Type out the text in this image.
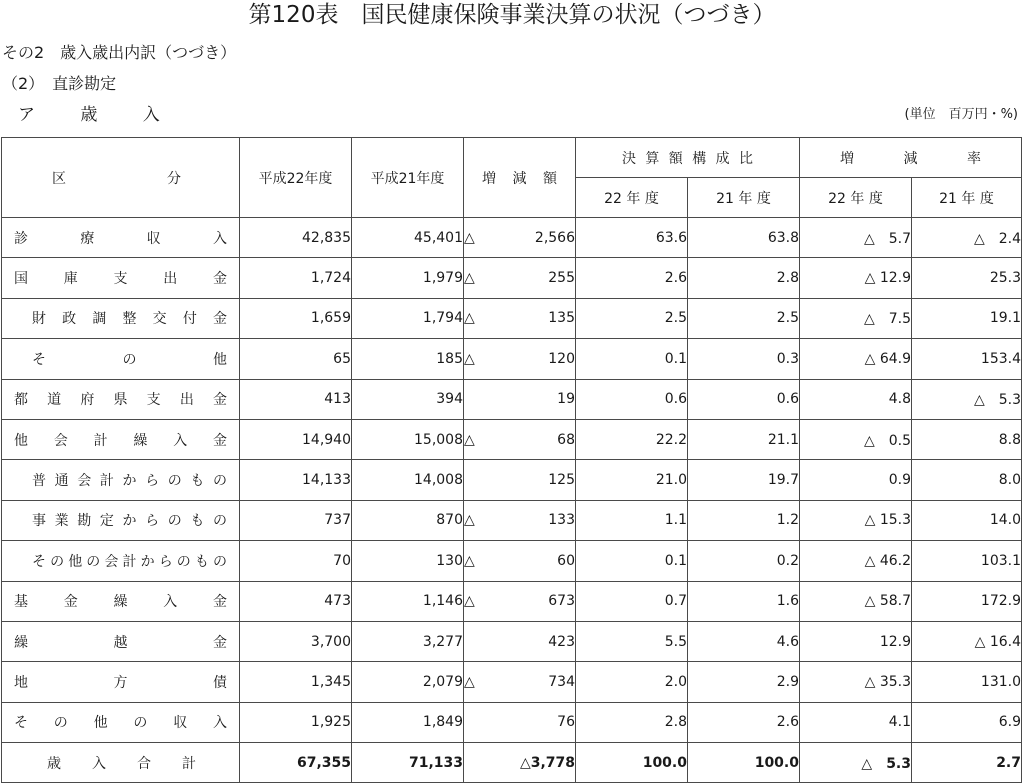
第120表　国民健康保険事業決算の状況（つづき）
その2　歳入歳出内訳（つづき）
（2）　直診勘定
ア 歳 入	(単位　百万円・%)
区　　分	平成22年度	平成21年度	増 減 額	決算額構成比		増　　減　　率	

				22 年 度	21 年 度	22 年 度	21 年 度

診療収入	42,835	45,401	△ 2,566	63.6	63.8	△　5.7	△　2.4

国庫支出金	1,724	1,979	△ 255	2.6	2.8	△ 12.9	25.3

財政調整交付金	1,659	1,794	△ 135	2.5	2.5	△　7.5	19.1

その他	65	185	△ 120	0.1	0.3	△ 64.9	153.4

都道府県支出金	413	394	19	0.6	0.6	4.8	△　5.3

他会計繰入金	14,940	15,008	△ 68	22.2	21.1	△　0.5	8.8

普通会計からのもの	14,133	14,008	125	21.0	19.7	0.9	8.0

事業勘定からのもの	737	870	△ 133	1.1	1.2	△ 15.3	14.0

その他の会計からのもの	70	130	△ 60	0.1	0.2	△ 46.2	103.1

基金繰入金	473	1,146	△ 673	0.7	1.6	△ 58.7	172.9

繰越金	3,700	3,277	423	5.5	4.6	12.9	△ 16.4

地方債	1,345	2,079	△ 734	2.0	2.9	△ 35.3	131.0

その他の収入	1,925	1,849	76	2.8	2.6	4.1	6.9

歳入合計	67,355	71,133	△3,778	100.0	100.0	△　5.3	2.7
